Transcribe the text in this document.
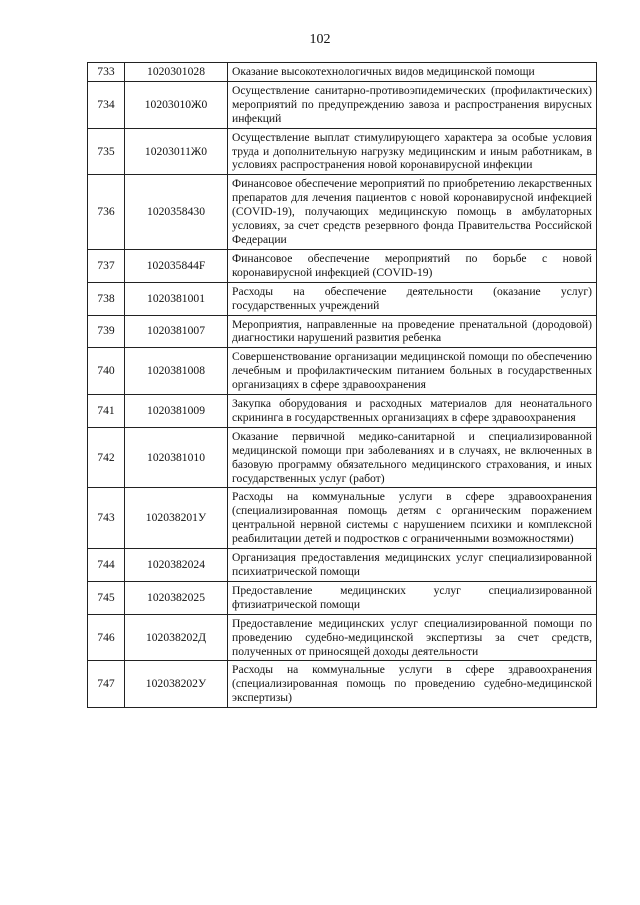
102
733	1020301028	Оказание высокотехнологичных видов медицинской помощи
734	10203010Ж0	Осуществление санитарно-противоэпидемических (профилактических) мероприятий по предупреждению завоза и распространения вирусных инфекций
735	10203011Ж0	Осуществление выплат стимулирующего характера за особые условия труда и дополнительную нагрузку медицинским и иным работникам, в условиях распространения новой коронавирусной инфекции
736	1020358430	Финансовое обеспечение мероприятий по приобретению лекарственных препаратов для лечения пациентов с новой коронавирусной инфекцией (COVID-19), получающих медицинскую помощь в амбулаторных условиях, за счет средств резервного фонда Правительства Российской Федерации
737	102035844F	Финансовое обеспечение мероприятий по борьбе с новой коронавирусной инфекцией (COVID-19)
738	1020381001	Расходы на обеспечение деятельности (оказание услуг) государственных учреждений
739	1020381007	Мероприятия, направленные на проведение пренатальной (дородовой) диагностики нарушений развития ребенка
740	1020381008	Совершенствование организации медицинской помощи по обеспечению лечебным и профилактическим питанием больных в государственных организациях в сфере здравоохранения
741	1020381009	Закупка оборудования и расходных материалов для неонатального скрининга в государственных организациях в сфере здравоохранения
742	1020381010	Оказание первичной медико-санитарной и специализированной медицинской помощи при заболеваниях и в случаях, не включенных в базовую программу обязательного медицинского страхования, и иных государственных услуг (работ)
743	102038201У	Расходы на коммунальные услуги в сфере здравоохранения (специализированная помощь детям с органическим поражением центральной нервной системы с нарушением психики и комплексной реабилитации детей и подростков с ограниченными возможностями)
744	1020382024	Организация предоставления медицинских услуг специализированной психиатрической помощи
745	1020382025	Предоставление медицинских услуг специализированной фтизиатрической помощи
746	102038202Д	Предоставление медицинских услуг специализированной помощи по проведению судебно-медицинской экспертизы за счет средств, полученных от приносящей доходы деятельности
747	102038202У	Расходы на коммунальные услуги в сфере здравоохранения (специализированная помощь по проведению судебно-медицинской экспертизы)
